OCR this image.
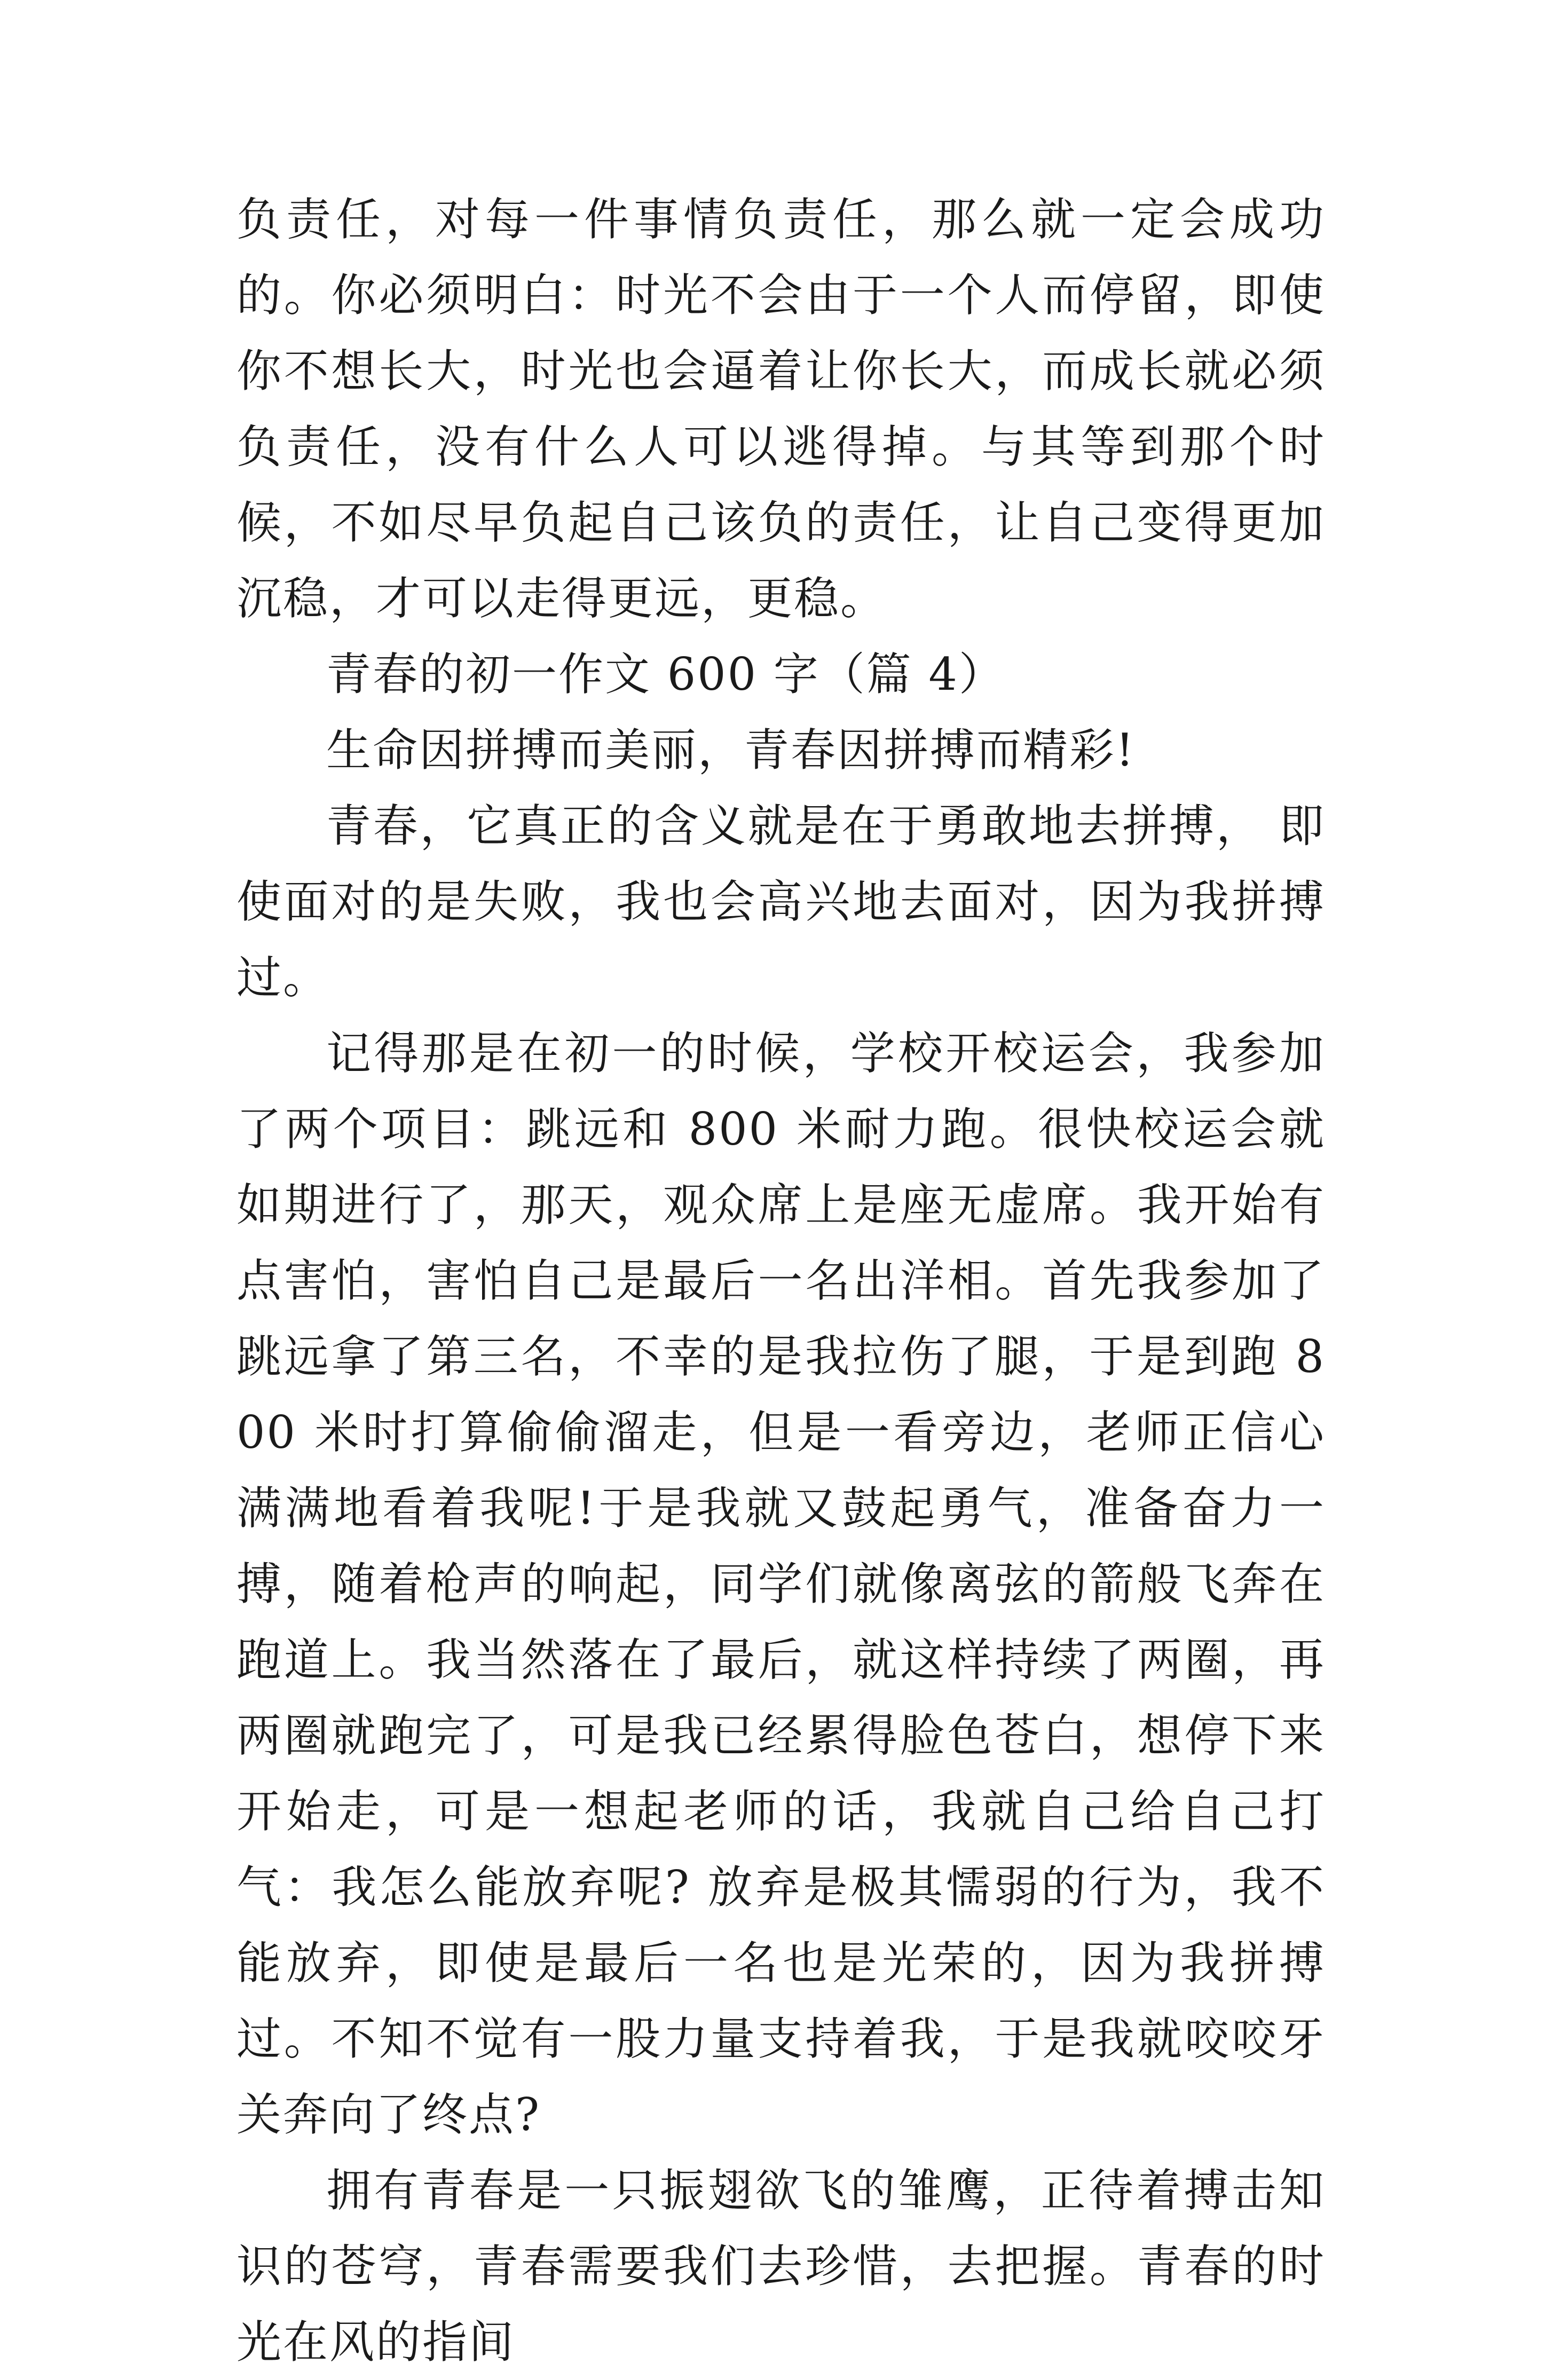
负责任，对每一件事情负责任，那么就一定会成功的。你必须明白：时光不会由于一个人而停留，即使你不想长大，时光也会逼着让你长大，而成长就必须负责任，没有什么人可以逃得掉。与其等到那个时候，不如尽早负起自己该负的责任，让自己变得更加沉稳，才可以走得更远，更稳。

青春的初一作文 600 字（篇 4）

生命因拼搏而美丽，青春因拼搏而精彩!

青春，它真正的含义就是在于勇敢地去拼搏， 即使面对的是失败，我也会高兴地去面对，因为我拼搏过。

记得那是在初一的时候，学校开校运会，我参加了两个项目：跳远和 800 米耐力跑。很快校运会就如期进行了，那天，观众席上是座无虚席。我开始有点害怕，害怕自己是最后一名出洋相。首先我参加了跳远拿了第三名，不幸的是我拉伤了腿，于是到跑 800 米时打算偷偷溜走，但是一看旁边，老师正信心满满地看着我呢!于是我就又鼓起勇气，准备奋力一搏，随着枪声的响起，同学们就像离弦的箭般飞奔在跑道上。我当然落在了最后，就这样持续了两圈，再两圈就跑完了，可是我已经累得脸色苍白，想停下来开始走，可是一想起老师的话，我就自己给自己打气：我怎么能放弃呢? 放弃是极其懦弱的行为，我不能放弃，即使是最后一名也是光荣的，因为我拼搏过。不知不觉有一股力量支持着我，于是我就咬咬牙关奔向了终点?

拥有青春是一只振翅欲飞的雏鹰，正待着搏击知识的苍穹，青春需要我们去珍惜，去把握。青春的时光在风的指间
